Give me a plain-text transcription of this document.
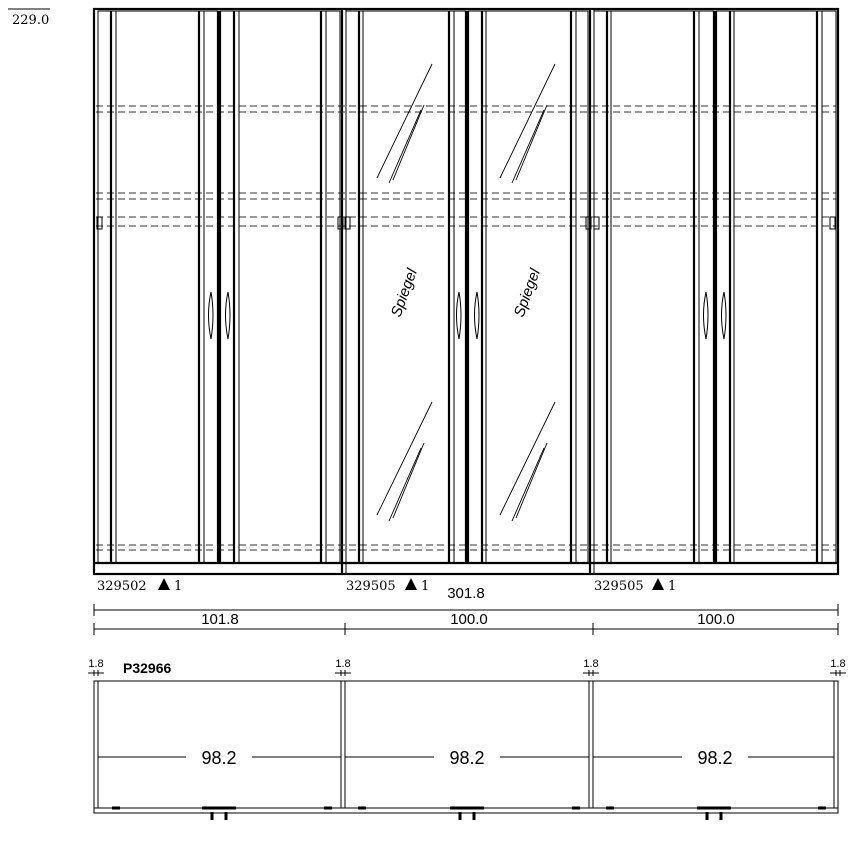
229.0
Spiegel	Spiegel
329502 1	329505 1	329505 1
301.8
101.8	100.0	100.0
1.8	1.8	1.8	1.8
P32966
98.2	98.2	98.2
